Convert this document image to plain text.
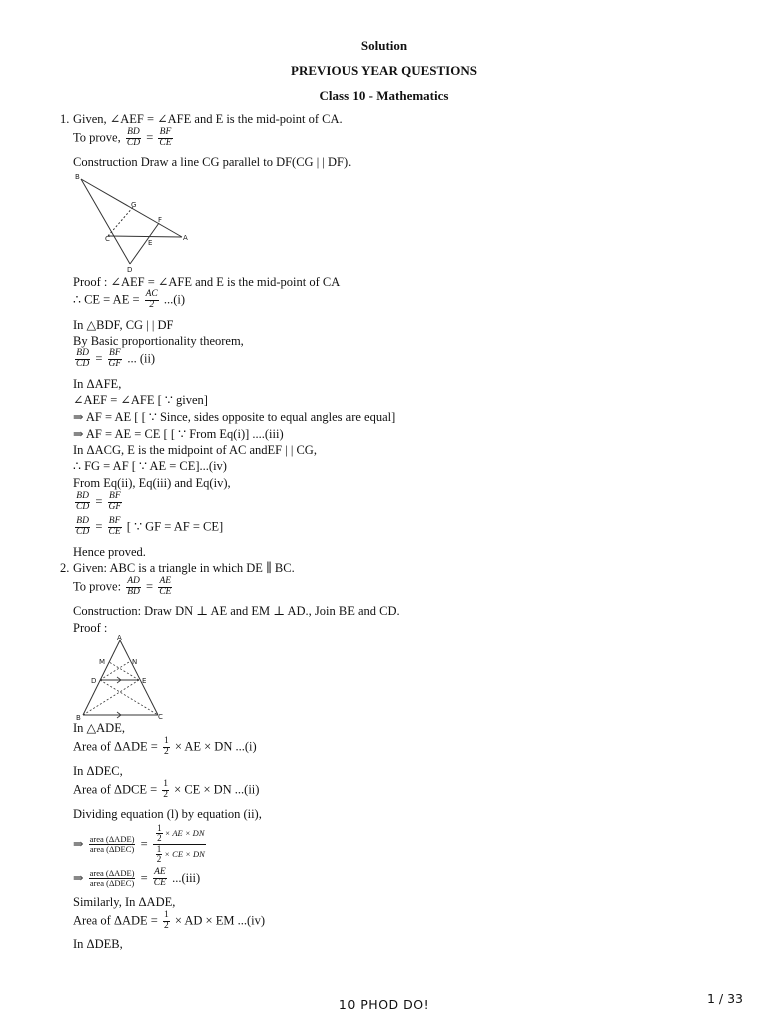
Solution
PREVIOUS YEAR QUESTIONS
Class 10 - Mathematics
1. Given, ∠AEF = ∠AFE and E is the mid-point of CA.
To prove, $\frac{BD}{CD} = \frac{BF}{CE}$
Construction Draw a line CG parallel to DF(CG | | DF).
B
G
F
C	E
A
D
Proof : ∠AEF = ∠AFE and E is the mid-point of CA
∴ CE = AE = $\frac{AC}{2} ...(i)$
In △BDF, CG | | DF
By Basic proportionality theorem,
$\frac{BD}{CD} = \frac{BF}{GF}$ ... (ii)
In ΔAFE,
∠AEF = ∠AFE [ ∵ given]
⇒ AF = AE [ [ ∵ Since, sides opposite to equal angles are equal]
⇒ AF = AE = CE [ [ ∵ From Eq(i)] ....(iii)
In ΔACG, E is the midpoint of AC andEF | | CG,
∴ FG = AF [ ∵ AE = CE]...(iv)
From Eq(ii), Eq(iii) and Eq(iv),
$\frac{BD}{CD} = \frac{BF}{GF}$
$\frac{BD}{CD} = \frac{BF}{CE}$ [ ∵ GF = AF = CE]
Hence proved.
2. Given: ABC is a triangle in which DE ∥ BC.
To prove: $\frac{AD}{BD} = \frac{AE}{CE}$
Construction: Draw DN ⊥ AE and EM ⊥ AD., Join BE and CD.
Proof :
A
M	N
D	E
B	C
In △ADE,
Area of $\Delta ADE = \frac{1}{2}$ × AE × DN ...(i)
In ΔDEC,
Area of $\Delta DCE = \frac{1}{2}$ × CE × DN ...(ii)
Dividing equation (l) by equation (ii),
⇒ $\frac{\text{area (ΔADE)}}{\text{area (ΔDEC)}} = \frac{\frac{1}{2} \times AE \times DN}{\frac{1}{2} \times CE \times DN}$
⇒ $\frac{\text{area (ΔADE)}}{\text{area (ΔDEC)}} = \frac{AE}{CE} ...(iii)$
Similarly, In ΔADE,
Area of $\Delta ADE = \frac{1}{2}$ × AD × EM ...(iv)
In ΔDEB,
10 PHOD DO!	1 / 33
